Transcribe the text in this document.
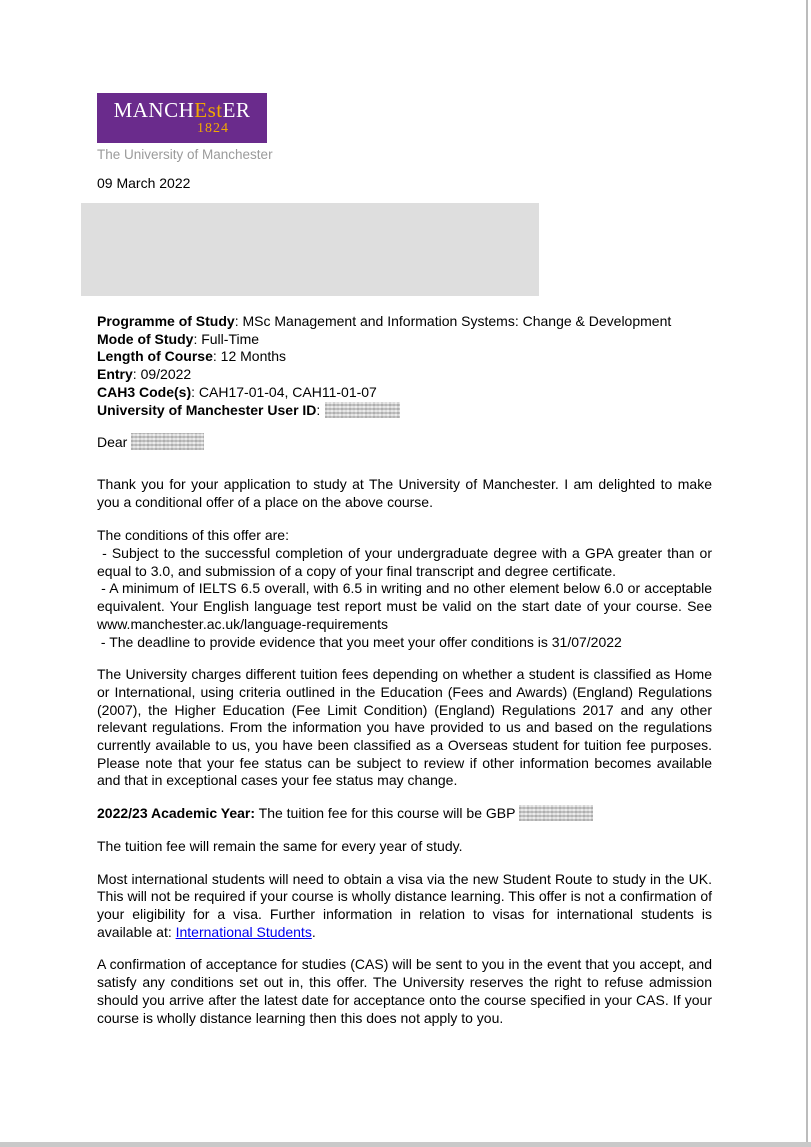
MANCHEstER
1824
The University of Manchester
09 March 2022
Programme of Study: MSc Management and Information Systems: Change & Development
Mode of Study: Full-Time
Length of Course: 12 Months
Entry: 09/2022
CAH3 Code(s): CAH17-01-04, CAH11-01-07
University of Manchester User ID:
Dear

Thank you for your application to study at The University of Manchester. I am delighted to make you a conditional offer of a place on the above course.

The conditions of this offer are:
- Subject to the successful completion of your undergraduate degree with a GPA greater than or equal to 3.0, and submission of a copy of your final transcript and degree certificate.
- A minimum of IELTS 6.5 overall, with 6.5 in writing and no other element below 6.0 or acceptable equivalent. Your English language test report must be valid on the start date of your course. See www.manchester.ac.uk/language-requirements
- The deadline to provide evidence that you meet your offer conditions is 31/07/2022

The University charges different tuition fees depending on whether a student is classified as Home or International, using criteria outlined in the Education (Fees and Awards) (England) Regulations (2007), the Higher Education (Fee Limit Condition) (England) Regulations 2017 and any other relevant regulations. From the information you have provided to us and based on the regulations currently available to us, you have been classified as a Overseas student for tuition fee purposes. Please note that your fee status can be subject to review if other information becomes available and that in exceptional cases your fee status may change.

2022/23 Academic Year: The tuition fee for this course will be GBP

The tuition fee will remain the same for every year of study.

Most international students will need to obtain a visa via the new Student Route to study in the UK. This will not be required if your course is wholly distance learning. This offer is not a confirmation of your eligibility for a visa. Further information in relation to visas for international students is available at: International Students.

A confirmation of acceptance for studies (CAS) will be sent to you in the event that you accept, and satisfy any conditions set out in, this offer. The University reserves the right to refuse admission should you arrive after the latest date for acceptance onto the course specified in your CAS. If your course is wholly distance learning then this does not apply to you.
